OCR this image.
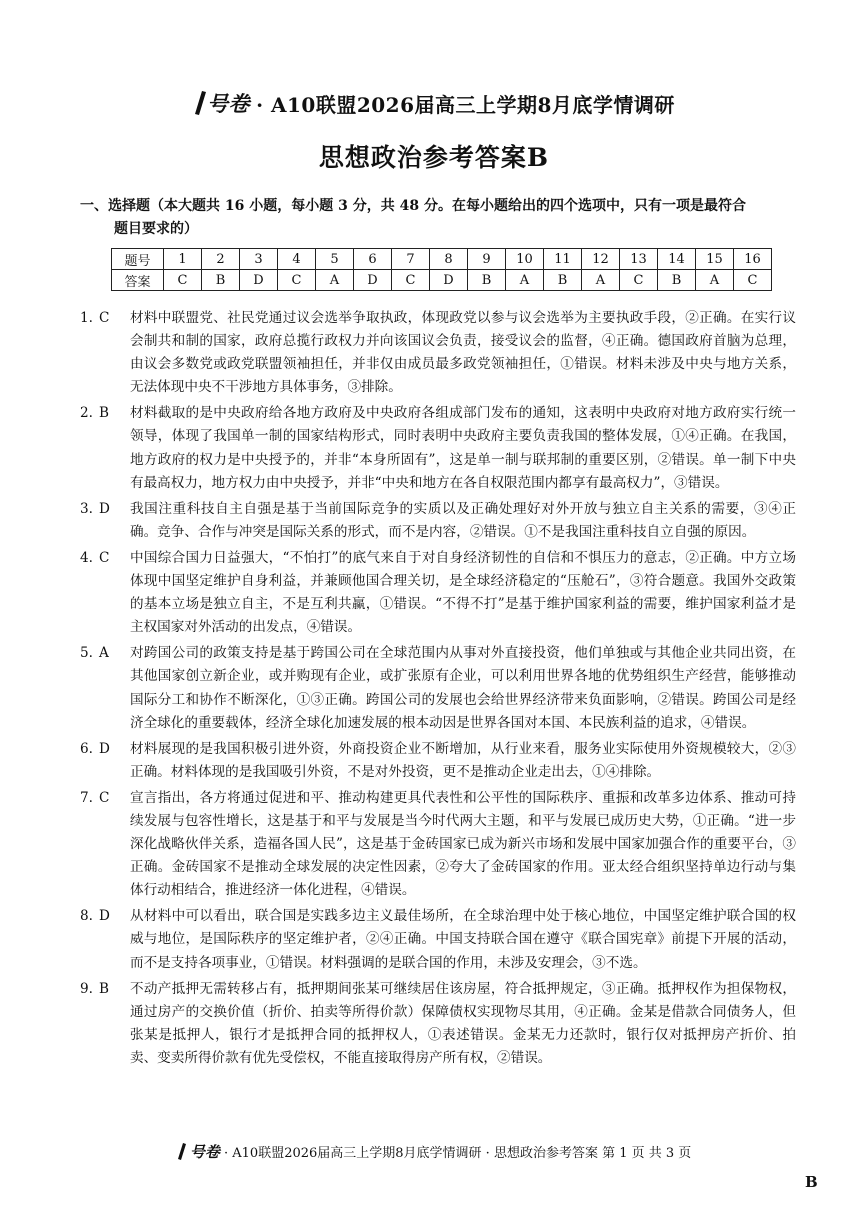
号卷 · A10联盟2026届高三上学期8月底学情调研
思想政治参考答案B
一、选择题（本大题共 16 小题，每小题 3 分，共 48 分。在每小题给出的四个选项中，只有一项是最符合
题目要求的）
题号	1	2	3	4	5	6	7	8	9	10	11	12	13	14	15	16
答案	C	B	D	C	A	D	C	D	B	A	B	A	C	B	A	C
1. C 材料中联盟党、社民党通过议会选举争取执政，体现政党以参与议会选举为主要执政手段，②正确。在实行议会制共和制的国家，政府总揽行政权力并向该国议会负责，接受议会的监督，④正确。德国政府首脑为总理，由议会多数党或政党联盟领袖担任，并非仅由成员最多政党领袖担任，①错误。材料未涉及中央与地方关系，无法体现中央不干涉地方具体事务，③排除。
2. B 材料截取的是中央政府给各地方政府及中央政府各组成部门发布的通知，这表明中央政府对地方政府实行统一领导，体现了我国单一制的国家结构形式，同时表明中央政府主要负责我国的整体发展，①④正确。在我国，地方政府的权力是中央授予的，并非“本身所固有”，这是单一制与联邦制的重要区别，②错误。单一制下中央有最高权力，地方权力由中央授予，并非“中央和地方在各自权限范围内都享有最高权力”，③错误。
3. D 我国注重科技自主自强是基于当前国际竞争的实质以及正确处理好对外开放与独立自主关系的需要，③④正确。竞争、合作与冲突是国际关系的形式，而不是内容，②错误。①不是我国注重科技自立自强的原因。
4. C 中国综合国力日益强大，“不怕打”的底气来自于对自身经济韧性的自信和不惧压力的意志，②正确。中方立场体现中国坚定维护自身利益，并兼顾他国合理关切，是全球经济稳定的“压舱石”，③符合题意。我国外交政策的基本立场是独立自主，不是互利共赢，①错误。“不得不打”是基于维护国家利益的需要，维护国家利益才是主权国家对外活动的出发点，④错误。
5. A 对跨国公司的政策支持是基于跨国公司在全球范围内从事对外直接投资，他们单独或与其他企业共同出资，在其他国家创立新企业，或并购现有企业，或扩张原有企业，可以利用世界各地的优势组织生产经营，能够推动国际分工和协作不断深化，①③正确。跨国公司的发展也会给世界经济带来负面影响，②错误。跨国公司是经济全球化的重要载体，经济全球化加速发展的根本动因是世界各国对本国、本民族利益的追求，④错误。
6. D 材料展现的是我国积极引进外资，外商投资企业不断增加，从行业来看，服务业实际使用外资规模较大，②③正确。材料体现的是我国吸引外资，不是对外投资，更不是推动企业走出去，①④排除。
7. C 宣言指出，各方将通过促进和平、推动构建更具代表性和公平性的国际秩序、重振和改革多边体系、推动可持续发展与包容性增长，这是基于和平与发展是当今时代两大主题，和平与发展已成历史大势，①正确。“进一步深化战略伙伴关系，造福各国人民”，这是基于金砖国家已成为新兴市场和发展中国家加强合作的重要平台，③正确。金砖国家不是推动全球发展的决定性因素，②夸大了金砖国家的作用。亚太经合组织坚持单边行动与集体行动相结合，推进经济一体化进程，④错误。
8. D 从材料中可以看出，联合国是实践多边主义最佳场所，在全球治理中处于核心地位，中国坚定维护联合国的权威与地位，是国际秩序的坚定维护者，②④正确。中国支持联合国在遵守《联合国宪章》前提下开展的活动，而不是支持各项事业，①错误。材料强调的是联合国的作用，未涉及安理会，③不选。
9. B 不动产抵押无需转移占有，抵押期间张某可继续居住该房屋，符合抵押规定，③正确。抵押权作为担保物权，通过房产的交换价值（折价、拍卖等所得价款）保障债权实现物尽其用，④正确。金某是借款合同债务人，但张某是抵押人，银行才是抵押合同的抵押权人，①表述错误。金某无力还款时，银行仅对抵押房产折价、拍卖、变卖所得价款有优先受偿权，不能直接取得房产所有权，②错误。
号卷 · A10联盟2026届高三上学期8月底学情调研 · 思想政治参考答案 第 1 页 共 3 页
B
